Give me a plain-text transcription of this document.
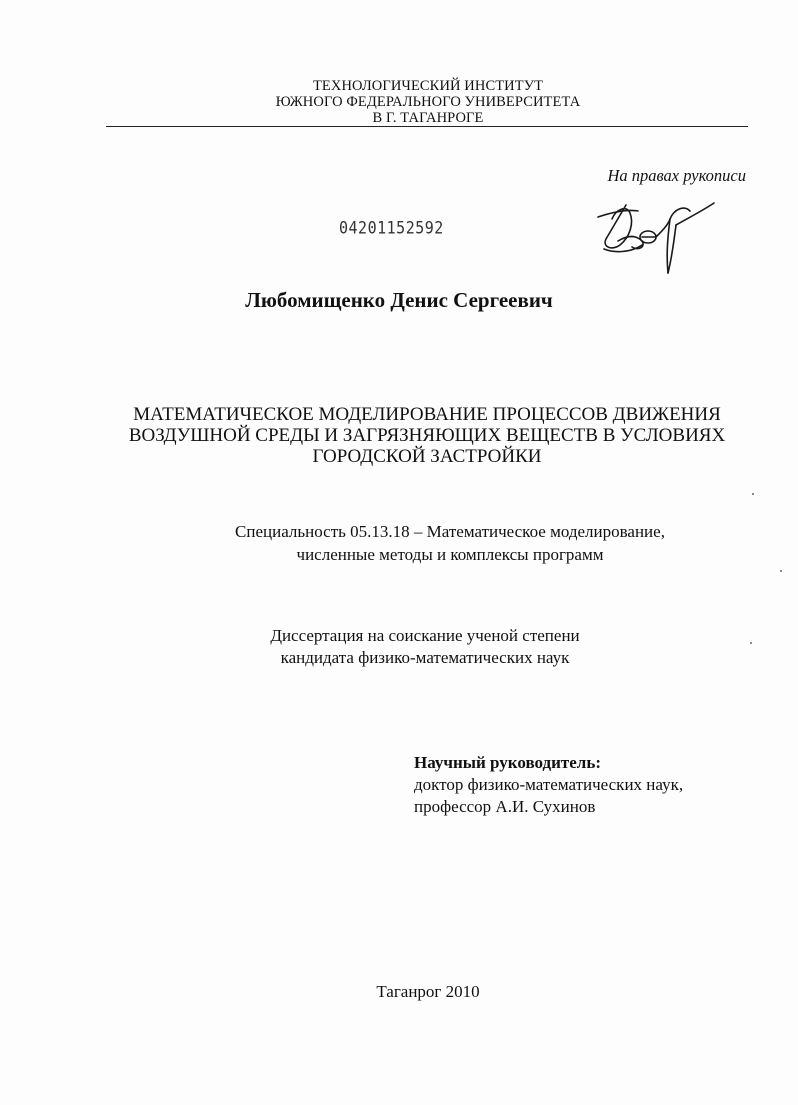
ТЕХНОЛОГИЧЕСКИЙ ИНСТИТУТ
ЮЖНОГО ФЕДЕРАЛЬНОГО УНИВЕРСИТЕТА
В Г. ТАГАНРОГЕ
На правах рукописи
04201152592
Любомищенко Денис Сергеевич
МАТЕМАТИЧЕСКОЕ МОДЕЛИРОВАНИЕ ПРОЦЕССОВ ДВИЖЕНИЯ
ВОЗДУШНОЙ СРЕДЫ И ЗАГРЯЗНЯЮЩИХ ВЕЩЕСТВ В УСЛОВИЯХ
ГОРОДСКОЙ ЗАСТРОЙКИ
Специальность 05.13.18 – Математическое моделирование,
численные методы и комплексы программ
Диссертация на соискание ученой степени
кандидата физико-математических наук
Научный руководитель:
доктор физико-математических наук,
профессор А.И. Сухинов
Таганрог 2010
